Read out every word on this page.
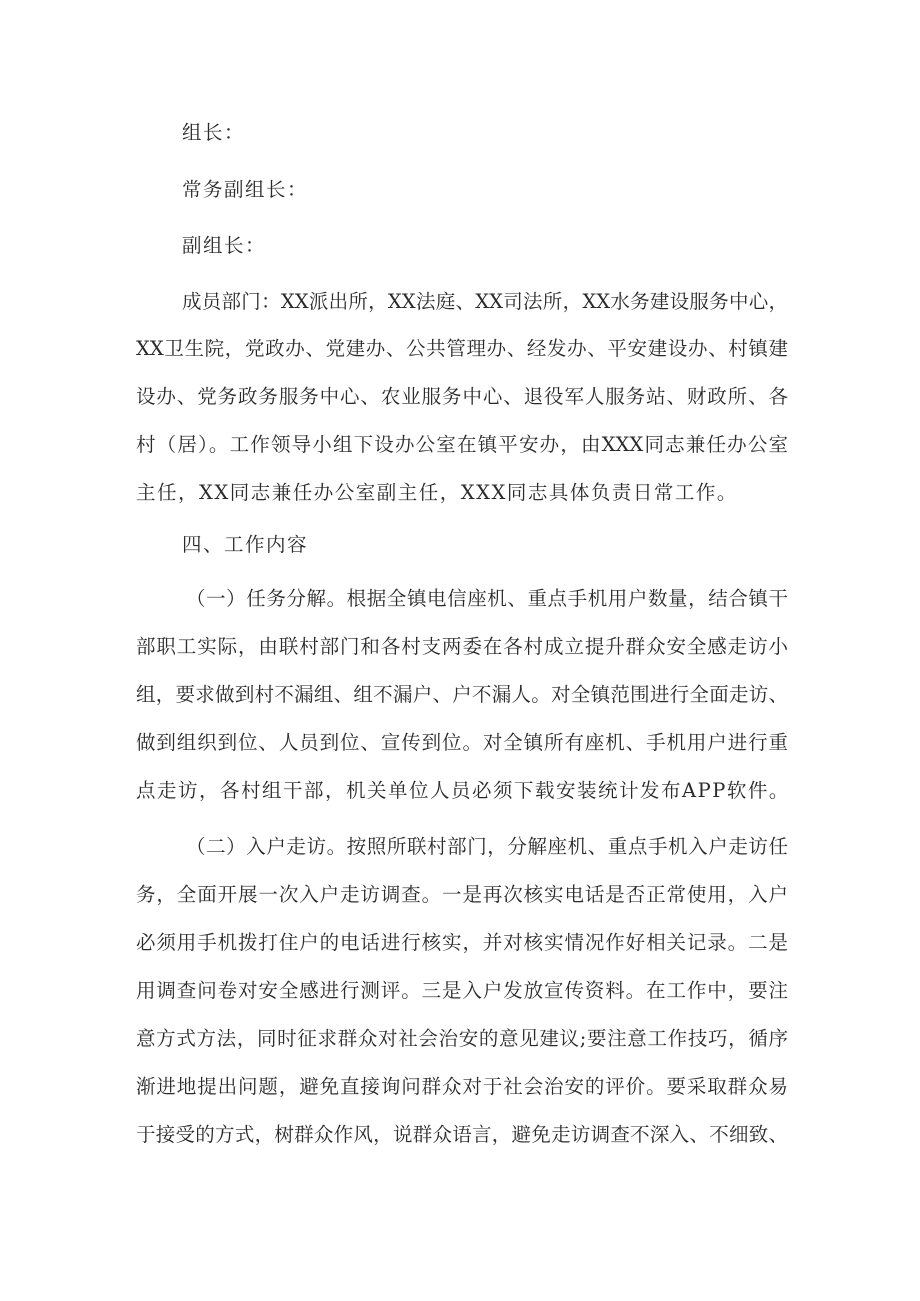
组长：
常务副组长：
副组长：
成员部门：XX派出所，XX法庭、XX司法所，XX水务建设服务中心，
XX卫生院，党政办、党建办、公共管理办、经发办、平安建设办、村镇建
设办、党务政务服务中心、农业服务中心、退役军人服务站、财政所、各
村（居）。工作领导小组下设办公室在镇平安办，由XXX同志兼任办公室
主任，XX同志兼任办公室副主任，XXX同志具体负责日常工作。
四、工作内容
（一）任务分解。根据全镇电信座机、重点手机用户数量，结合镇干
部职工实际，由联村部门和各村支两委在各村成立提升群众安全感走访小
组，要求做到村不漏组、组不漏户、户不漏人。对全镇范围进行全面走访、
做到组织到位、人员到位、宣传到位。对全镇所有座机、手机用户进行重
点走访，各村组干部，机关单位人员必须下载安装统计发布APP软件。
（二）入户走访。按照所联村部门，分解座机、重点手机入户走访任
务，全面开展一次入户走访调查。一是再次核实电话是否正常使用，入户
必须用手机拨打住户的电话进行核实，并对核实情况作好相关记录。二是
用调查问卷对安全感进行测评。三是入户发放宣传资料。在工作中，要注
意方式方法，同时征求群众对社会治安的意见建议;要注意工作技巧，循序
渐进地提出问题，避免直接询问群众对于社会治安的评价。要采取群众易
于接受的方式，树群众作风，说群众语言，避免走访调查不深入、不细致、
